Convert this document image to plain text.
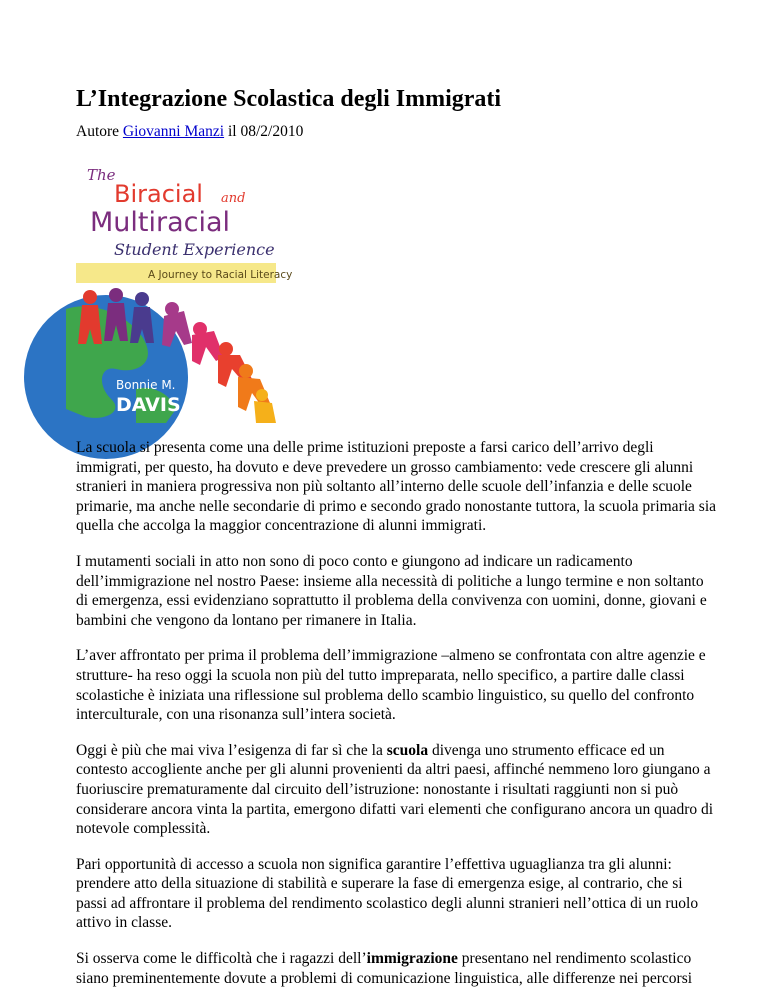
L’Integrazione Scolastica degli Immigrati

Autore Giovanni Manzi il 08/2/2010

The
Biracial and
Multiracial
Student Experience
A Journey to Racial Literacy
Bonnie M.
DAVIS

La scuola si presenta come una delle prime istituzioni preposte a farsi carico dell’arrivo degli immigrati, per questo, ha dovuto e deve prevedere un grosso cambiamento: vede crescere gli alunni stranieri in maniera progressiva non più soltanto all’interno delle scuole dell’infanzia e delle scuole primarie, ma anche nelle secondarie di primo e secondo grado nonostante tuttora, la scuola primaria sia quella che accolga la maggior concentrazione di alunni immigrati.

I mutamenti sociali in atto non sono di poco conto e giungono ad indicare un radicamento dell’immigrazione nel nostro Paese: insieme alla necessità di politiche a lungo termine e non soltanto di emergenza, essi evidenziano soprattutto il problema della convivenza con uomini, donne, giovani e bambini che vengono da lontano per rimanere in Italia.

L’aver affrontato per prima il problema dell’immigrazione –almeno se confrontata con altre agenzie e strutture- ha reso oggi la scuola non più del tutto impreparata, nello specifico, a partire dalle classi scolastiche è iniziata una riflessione sul problema dello scambio linguistico, su quello del confronto interculturale, con una risonanza sull’intera società.

Oggi è più che mai viva l’esigenza di far sì che la scuola divenga uno strumento efficace ed un contesto accogliente anche per gli alunni provenienti da altri paesi, affinché nemmeno loro giungano a fuoriuscire prematuramente dal circuito dell’istruzione: nonostante i risultati raggiunti non si può considerare ancora vinta la partita, emergono difatti vari elementi che configurano ancora un quadro di notevole complessità.

Pari opportunità di accesso a scuola non significa garantire l’effettiva uguaglianza tra gli alunni: prendere atto della situazione di stabilità e superare la fase di emergenza esige, al contrario, che si passi ad affrontare il problema del rendimento scolastico degli alunni stranieri nell’ottica di un ruolo attivo in classe.

Si osserva come le difficoltà che i ragazzi dell’immigrazione presentano nel rendimento scolastico siano preminentemente dovute a problemi di comunicazione linguistica, alle differenze nei percorsi
